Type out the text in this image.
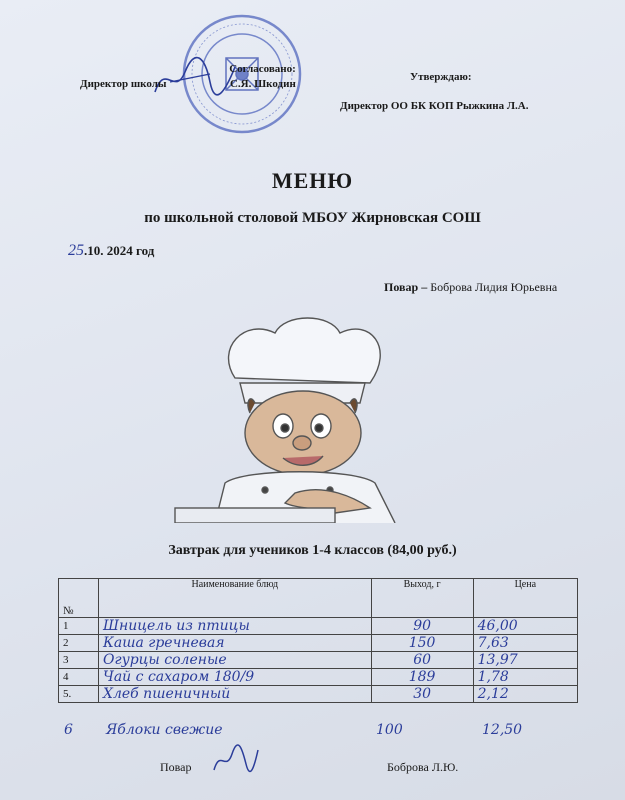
Согласовано:
Директор школы	С.Я. Шкодин
Утверждаю:
Директор ОО БК КОП Рыжкина Л.А.
МЕНЮ
по школьной столовой МБОУ Жирновская СОШ
25.10. 2024 год
Повар – Боброва Лидия Юрьевна
Завтрак для учеников 1-4 классов (84,00 руб.)
№	Наименование блюд	Выход, г	Цена
1	Шницель из птицы	90	46,00
2	Каша гречневая	150	7,63
3	Огурцы соленые	60	13,97
4	Чай с сахаром 180/9	189	1,78
5.	Хлеб пшеничный	30	2,12
6 Яблоки свежие	100	12,50
Повар	Боброва Л.Ю.
